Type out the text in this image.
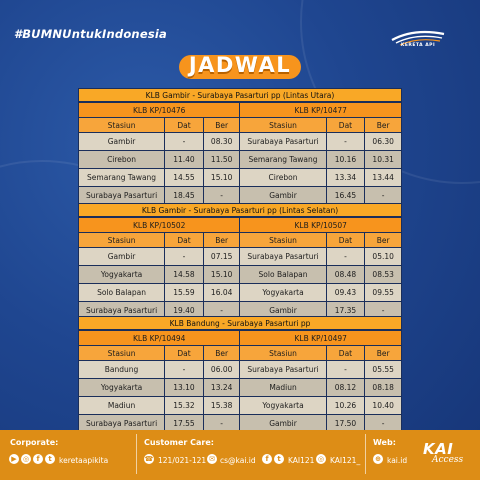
#BUMNUntukIndonesia
KERETA API
JADWAL
KLB Gambir - Surabaya Pasarturi pp (Lintas Utara)
KLB KP/10476			KLB KP/10477		
Stasiun	Dat	Ber	Stasiun	Dat	Ber
Gambir	-	08.30	Surabaya Pasarturi	-	06.30
Cirebon	11.40	11.50	Semarang Tawang	10.16	10.31
Semarang Tawang	14.55	15.10	Cirebon	13.34	13.44
Surabaya Pasarturi	18.45	-	Gambir	16.45	-
KLB Gambir - Surabaya Pasarturi pp (Lintas Selatan)
KLB KP/10502			KLB KP/10507		
Stasiun	Dat	Ber	Stasiun	Dat	Ber
Gambir	-	07.15	Surabaya Pasarturi	-	05.10
Yogyakarta	14.58	15.10	Solo Balapan	08.48	08.53
Solo Balapan	15.59	16.04	Yogyakarta	09.43	09.55
Surabaya Pasarturi	19.40	-	Gambir	17.35	-
KLB Bandung - Surabaya Pasarturi pp
KLB KP/10494			KLB KP/10497		
Stasiun	Dat	Ber	Stasiun	Dat	Ber
Bandung	-	06.00	Surabaya Pasarturi	-	05.55
Yogyakarta	13.10	13.24	Madiun	08.12	08.18
Madiun	15.32	15.38	Yogyakarta	10.26	10.40
Surabaya Pasarturi	17.55	-	Gambir	17.50	-
Corporate:
▶ ◎	f	t keretaapikita
Customer Care:
☎ 121/021-121 ✉ cs@kai.id	f	t KAI121 ◎ KAI121_
Web:
⊕ kai.id
KAI
Access
